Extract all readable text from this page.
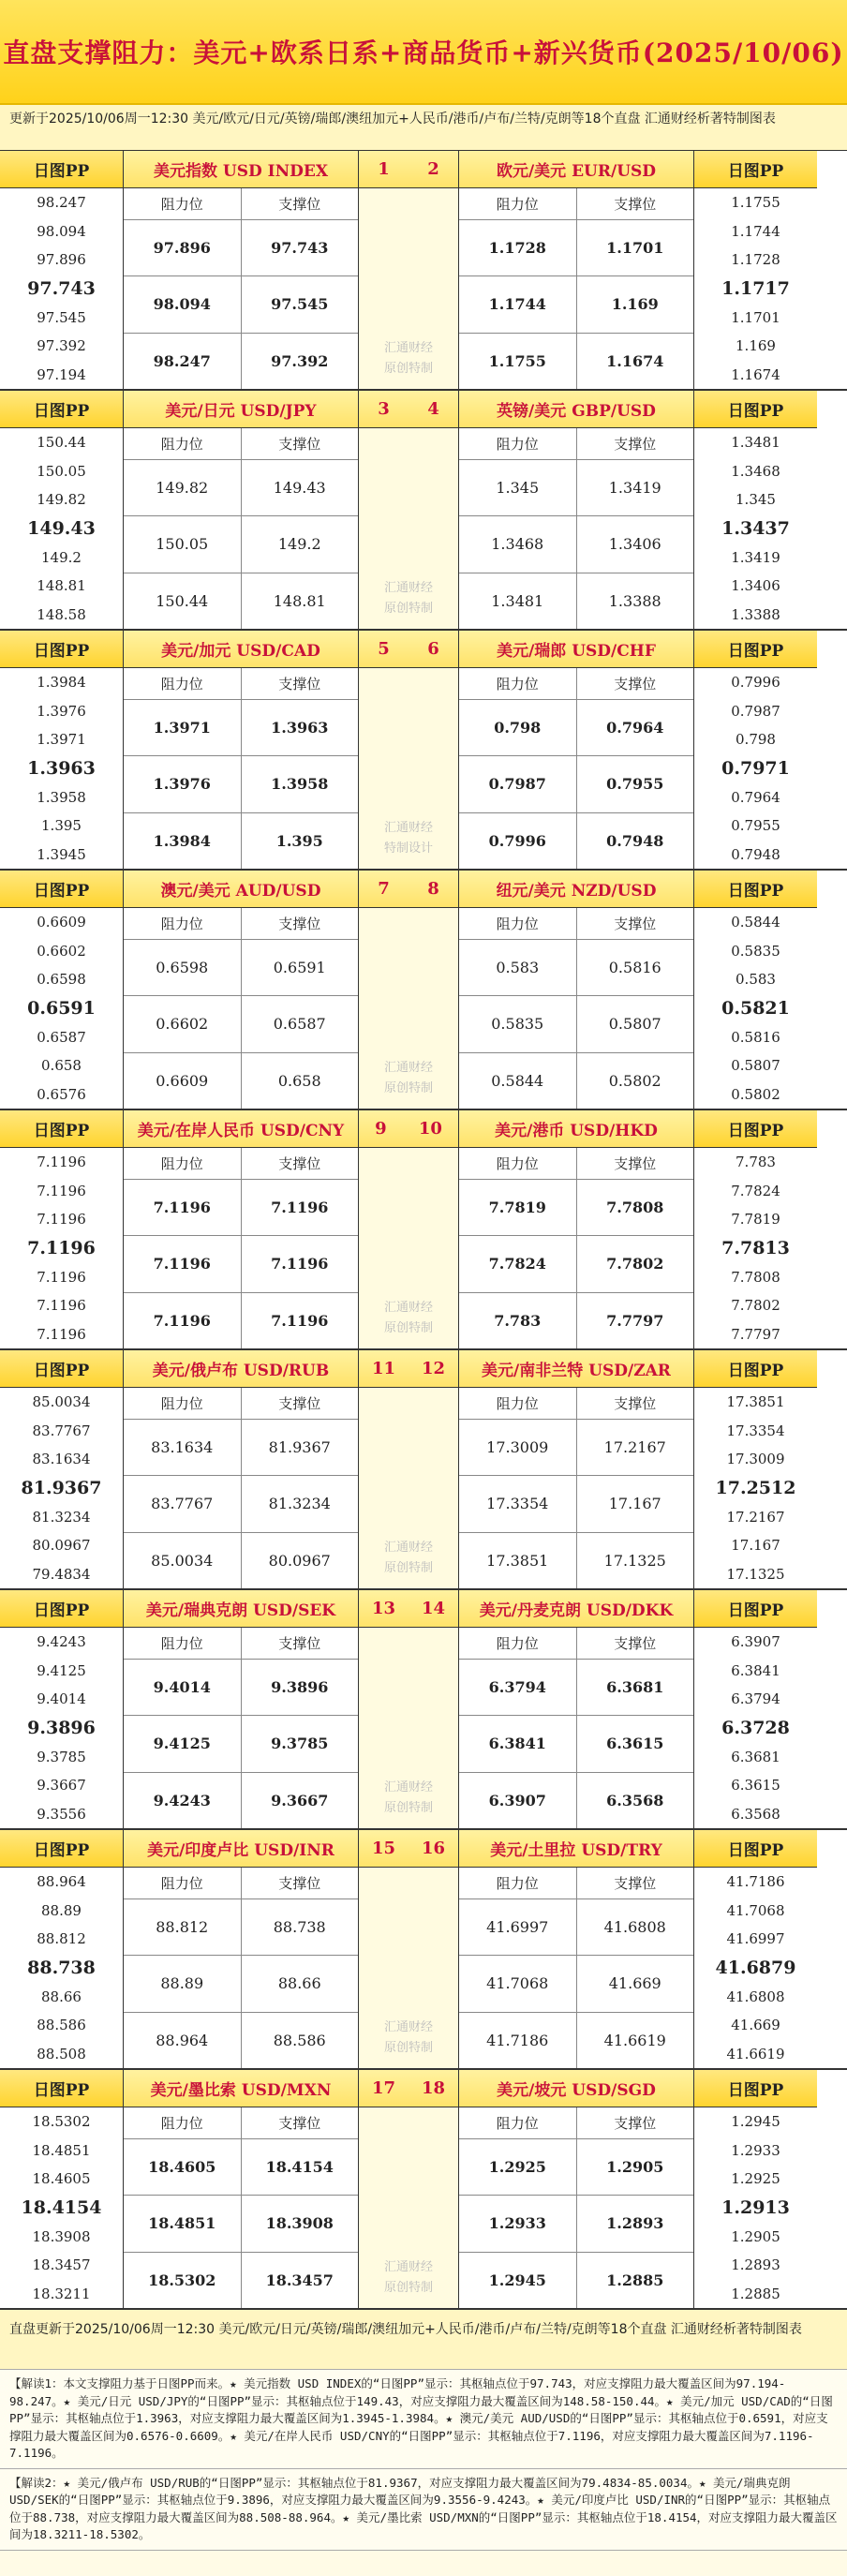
直盘支撑阻力：美元+欧系日系+商品货币+新兴货币(2025/10/06)
更新于2025/10/06周一12:30 美元/欧元/日元/英镑/瑞郎/澳纽加元+人民币/港币/卢布/兰特/克朗等18个直盘 汇通财经析著特制图表
日图PP
98.247
98.094
97.896
97.743
97.545
97.392
97.194
美元指数 USD INDEX
阻力位	支撑位
97.896	97.743
98.094	97.545
98.247	97.392
1 2
汇通财经
原创特制
欧元/美元 EUR/USD
阻力位	支撑位
1.1728	1.1701
1.1744	1.169
1.1755	1.1674
日图PP
1.1755
1.1744
1.1728
1.1717
1.1701
1.169
1.1674
日图PP
150.44
150.05
149.82
149.43
149.2
148.81
148.58
美元/日元 USD/JPY
阻力位	支撑位
149.82	149.43
150.05	149.2
150.44	148.81
3 4
汇通财经
原创特制
英镑/美元 GBP/USD
阻力位	支撑位
1.345	1.3419
1.3468	1.3406
1.3481	1.3388
日图PP
1.3481
1.3468
1.345
1.3437
1.3419
1.3406
1.3388
日图PP
1.3984
1.3976
1.3971
1.3963
1.3958
1.395
1.3945
美元/加元 USD/CAD
阻力位	支撑位
1.3971	1.3963
1.3976	1.3958
1.3984	1.395
5 6
汇通财经
特制设计
美元/瑞郎 USD/CHF
阻力位	支撑位
0.798	0.7964
0.7987	0.7955
0.7996	0.7948
日图PP
0.7996
0.7987
0.798
0.7971
0.7964
0.7955
0.7948
日图PP
0.6609
0.6602
0.6598
0.6591
0.6587
0.658
0.6576
澳元/美元 AUD/USD
阻力位	支撑位
0.6598	0.6591
0.6602	0.6587
0.6609	0.658
7 8
汇通财经
原创特制
纽元/美元 NZD/USD
阻力位	支撑位
0.583	0.5816
0.5835	0.5807
0.5844	0.5802
日图PP
0.5844
0.5835
0.583
0.5821
0.5816
0.5807
0.5802
日图PP
7.1196
7.1196
7.1196
7.1196
7.1196
7.1196
7.1196
美元/在岸人民币 USD/CNY
阻力位	支撑位
7.1196	7.1196
7.1196	7.1196
7.1196	7.1196
9 10
汇通财经
原创特制
美元/港币 USD/HKD
阻力位	支撑位
7.7819	7.7808
7.7824	7.7802
7.783	7.7797
日图PP
7.783
7.7824
7.7819
7.7813
7.7808
7.7802
7.7797
日图PP
85.0034
83.7767
83.1634
81.9367
81.3234
80.0967
79.4834
美元/俄卢布 USD/RUB
阻力位	支撑位
83.1634	81.9367
83.7767	81.3234
85.0034	80.0967
11 12
汇通财经
原创特制
美元/南非兰特 USD/ZAR
阻力位	支撑位
17.3009	17.2167
17.3354	17.167
17.3851	17.1325
日图PP
17.3851
17.3354
17.3009
17.2512
17.2167
17.167
17.1325
日图PP
9.4243
9.4125
9.4014
9.3896
9.3785
9.3667
9.3556
美元/瑞典克朗 USD/SEK
阻力位	支撑位
9.4014	9.3896
9.4125	9.3785
9.4243	9.3667
13 14
汇通财经
原创特制
美元/丹麦克朗 USD/DKK
阻力位	支撑位
6.3794	6.3681
6.3841	6.3615
6.3907	6.3568
日图PP
6.3907
6.3841
6.3794
6.3728
6.3681
6.3615
6.3568
日图PP
88.964
88.89
88.812
88.738
88.66
88.586
88.508
美元/印度卢比 USD/INR
阻力位	支撑位
88.812	88.738
88.89	88.66
88.964	88.586
15 16
汇通财经
原创特制
美元/土里拉 USD/TRY
阻力位	支撑位
41.6997	41.6808
41.7068	41.669
41.7186	41.6619
日图PP
41.7186
41.7068
41.6997
41.6879
41.6808
41.669
41.6619
日图PP
18.5302
18.4851
18.4605
18.4154
18.3908
18.3457
18.3211
美元/墨比索 USD/MXN
阻力位	支撑位
18.4605	18.4154
18.4851	18.3908
18.5302	18.3457
17 18
汇通财经
原创特制
美元/坡元 USD/SGD
阻力位	支撑位
1.2925	1.2905
1.2933	1.2893
1.2945	1.2885
日图PP
1.2945
1.2933
1.2925
1.2913
1.2905
1.2893
1.2885
直盘更新于2025/10/06周一12:30 美元/欧元/日元/英镑/瑞郎/澳纽加元+人民币/港币/卢布/兰特/克朗等18个直盘 汇通财经析著特制图表
【解读1：本文支撑阻力基于日图PP而来。★ 美元指数 USD INDEX的“日图PP”显示：其枢轴点位于97.743，对应支撑阻力最大覆盖区间为97.194-98.247。★ 美元/日元 USD/JPY的“日图PP”显示：其枢轴点位于149.43，对应支撑阻力最大覆盖区间为148.58-150.44。★ 美元/加元 USD/CAD的“日图PP”显示：其枢轴点位于1.3963，对应支撑阻力最大覆盖区间为1.3945-1.3984。★ 澳元/美元 AUD/USD的“日图PP”显示：其枢轴点位于0.6591，对应支撑阻力最大覆盖区间为0.6576-0.6609。★ 美元/在岸人民币 USD/CNY的“日图PP”显示：其枢轴点位于7.1196，对应支撑阻力最大覆盖区间为7.1196-7.1196。
【解读2：★ 美元/俄卢布 USD/RUB的“日图PP”显示：其枢轴点位于81.9367，对应支撑阻力最大覆盖区间为79.4834-85.0034。★ 美元/瑞典克朗 USD/SEK的“日图PP”显示：其枢轴点位于9.3896，对应支撑阻力最大覆盖区间为9.3556-9.4243。★ 美元/印度卢比 USD/INR的“日图PP”显示：其枢轴点位于88.738，对应支撑阻力最大覆盖区间为88.508-88.964。★ 美元/墨比索 USD/MXN的“日图PP”显示：其枢轴点位于18.4154，对应支撑阻力最大覆盖区间为18.3211-18.5302。
